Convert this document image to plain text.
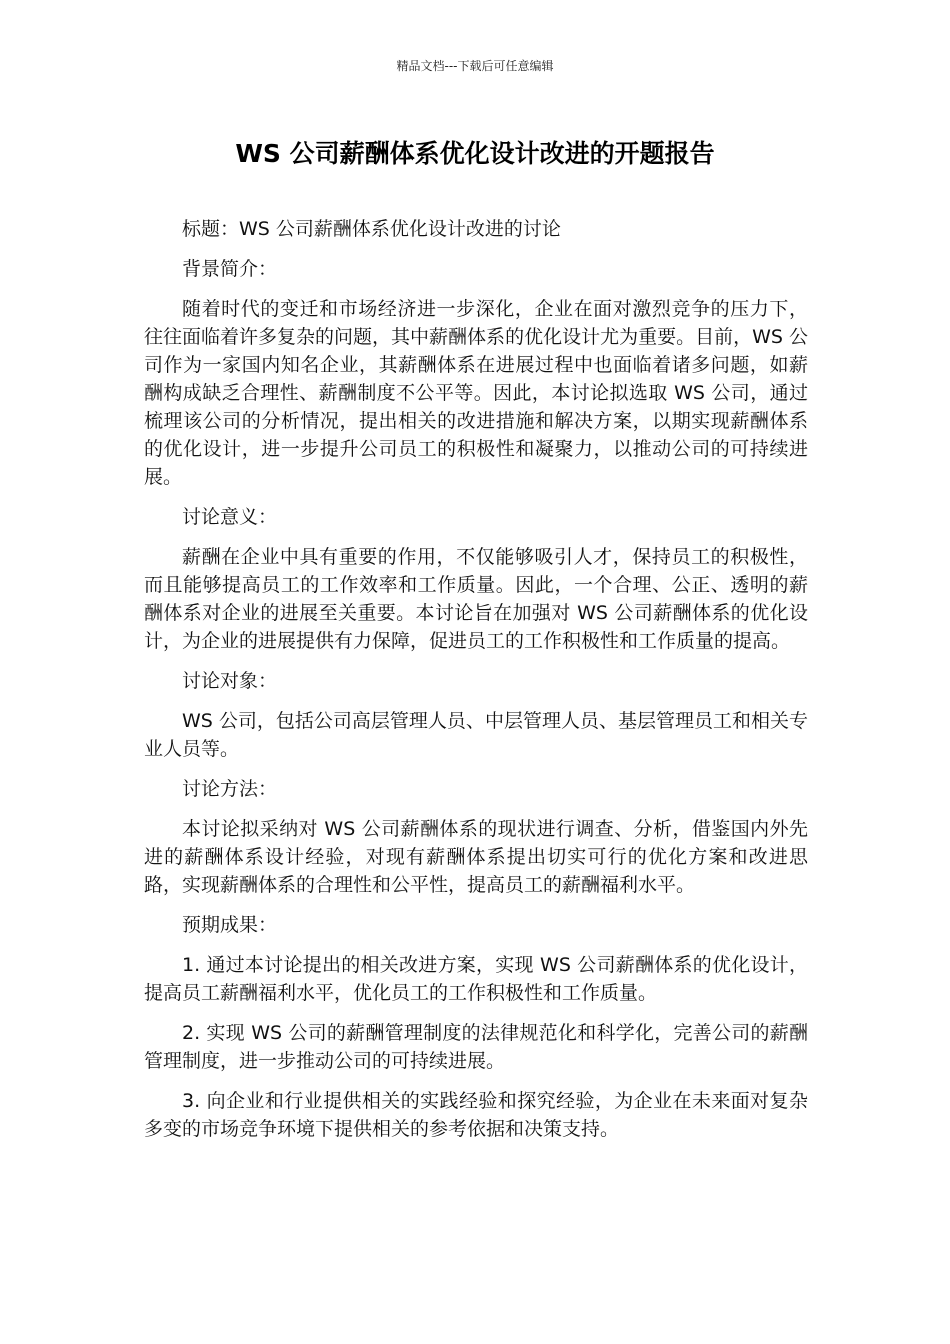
精品文档---下载后可任意编辑
WS 公司薪酬体系优化设计改进的开题报告

标题：WS 公司薪酬体系优化设计改进的讨论

背景简介：

随着时代的变迁和市场经济进一步深化，企业在面对激烈竞争的压力下，往往面临着许多复杂的问题，其中薪酬体系的优化设计尤为重要。目前，WS 公司作为一家国内知名企业，其薪酬体系在进展过程中也面临着诸多问题，如薪酬构成缺乏合理性、薪酬制度不公平等。因此，本讨论拟选取 WS 公司，通过梳理该公司的分析情况，提出相关的改进措施和解决方案，以期实现薪酬体系的优化设计，进一步提升公司员工的积极性和凝聚力，以推动公司的可持续进展。

讨论意义：

薪酬在企业中具有重要的作用，不仅能够吸引人才，保持员工的积极性，而且能够提高员工的工作效率和工作质量。因此，一个合理、公正、透明的薪酬体系对企业的进展至关重要。本讨论旨在加强对 WS 公司薪酬体系的优化设计，为企业的进展提供有力保障，促进员工的工作积极性和工作质量的提高。

讨论对象：

WS 公司，包括公司高层管理人员、中层管理人员、基层管理员工和相关专业人员等。

讨论方法：

本讨论拟采纳对 WS 公司薪酬体系的现状进行调查、分析，借鉴国内外先进的薪酬体系设计经验，对现有薪酬体系提出切实可行的优化方案和改进思路，实现薪酬体系的合理性和公平性，提高员工的薪酬福利水平。

预期成果：

1. 通过本讨论提出的相关改进方案，实现 WS 公司薪酬体系的优化设计，提高员工薪酬福利水平，优化员工的工作积极性和工作质量。

2. 实现 WS 公司的薪酬管理制度的法律规范化和科学化，完善公司的薪酬管理制度，进一步推动公司的可持续进展。

3. 向企业和行业提供相关的实践经验和探究经验，为企业在未来面对复杂多变的市场竞争环境下提供相关的参考依据和决策支持。
